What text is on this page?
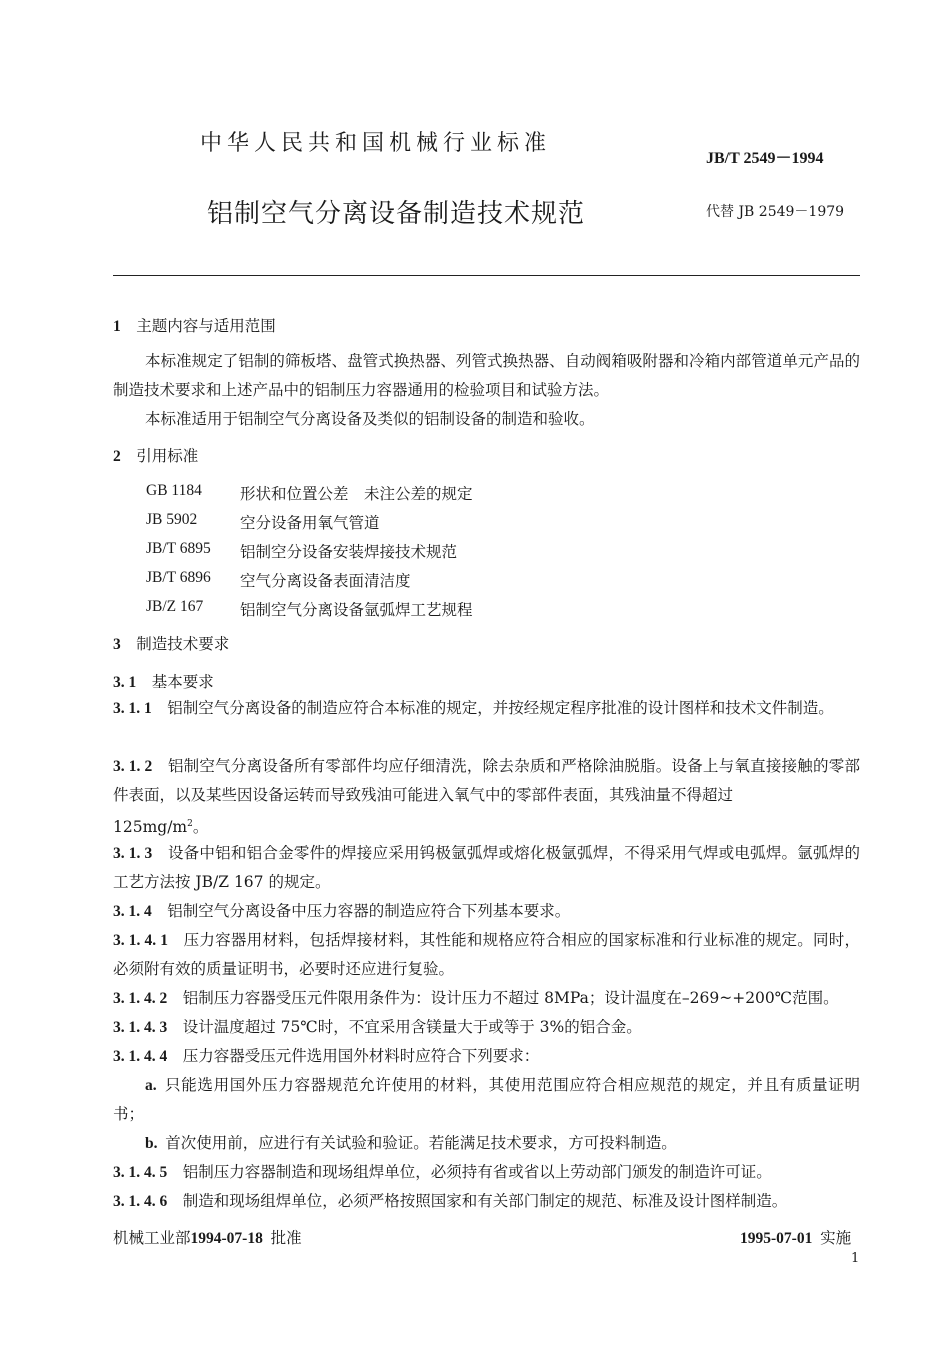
中华人民共和国机械行业标准
JB/T 2549－1994
铝制空气分离设备制造技术规范	代替 JB 2549－1979
1  主题内容与适用范围
本标准规定了铝制的筛板塔、盘管式换热器、列管式换热器、自动阀箱吸附器和冷箱内部管道单元产品的制造技术要求和上述产品中的铝制压力容器通用的检验项目和试验方法。
本标准适用于铝制空气分离设备及类似的铝制设备的制造和验收。
2  引用标准
GB 1184 形状和位置公差　未注公差的规定
JB 5902	空分设备用氧气管道
JB/T 6895 铝制空分设备安装焊接技术规范
JB/T 6896 空气分离设备表面清洁度
JB/Z 167 铝制空气分离设备氩弧焊工艺规程
3  制造技术要求
3. 1   基本要求
3. 1. 1   铝制空气分离设备的制造应符合本标准的规定，并按经规定程序批准的设计图样和技术文件制造。
3. 1. 2   铝制空气分离设备所有零部件均应仔细清洗，除去杂质和严格除油脱脂。设备上与氧直接接触的零部件表面，以及某些因设备运转而导致残油可能进入氧气中的零部件表面，其残油量不得超过
$125mg/m^2$。
3. 1. 3   设备中铝和铝合金零件的焊接应采用钨极氩弧焊或熔化极氩弧焊，不得采用气焊或电弧焊。氩弧焊的工艺方法按 JB/Z 167 的规定。
3. 1. 4   铝制空气分离设备中压力容器的制造应符合下列基本要求。
3. 1. 4. 1   压力容器用材料，包括焊接材料，其性能和规格应符合相应的国家标准和行业标准的规定。同时，必须附有效的质量证明书，必要时还应进行复验。
3. 1. 4. 2   铝制压力容器受压元件限用条件为：设计压力不超过 8MPa；设计温度在–269~+200℃范围。
3. 1. 4. 3   设计温度超过 75℃时，不宜采用含镁量大于或等于 3%的铝合金。
3. 1. 4. 4   压力容器受压元件选用国外材料时应符合下列要求：
a.  只能选用国外压力容器规范允许使用的材料，其使用范围应符合相应规范的规定，并且有质量证明书；
b.  首次使用前，应进行有关试验和验证。若能满足技术要求，方可投料制造。
3. 1. 4. 5   铝制压力容器制造和现场组焊单位，必须持有省或省以上劳动部门颁发的制造许可证。
3. 1. 4. 6   制造和现场组焊单位，必须严格按照国家和有关部门制定的规范、标准及设计图样制造。
机械工业部1994-07-18  批准	1995-07-01  实施
1
